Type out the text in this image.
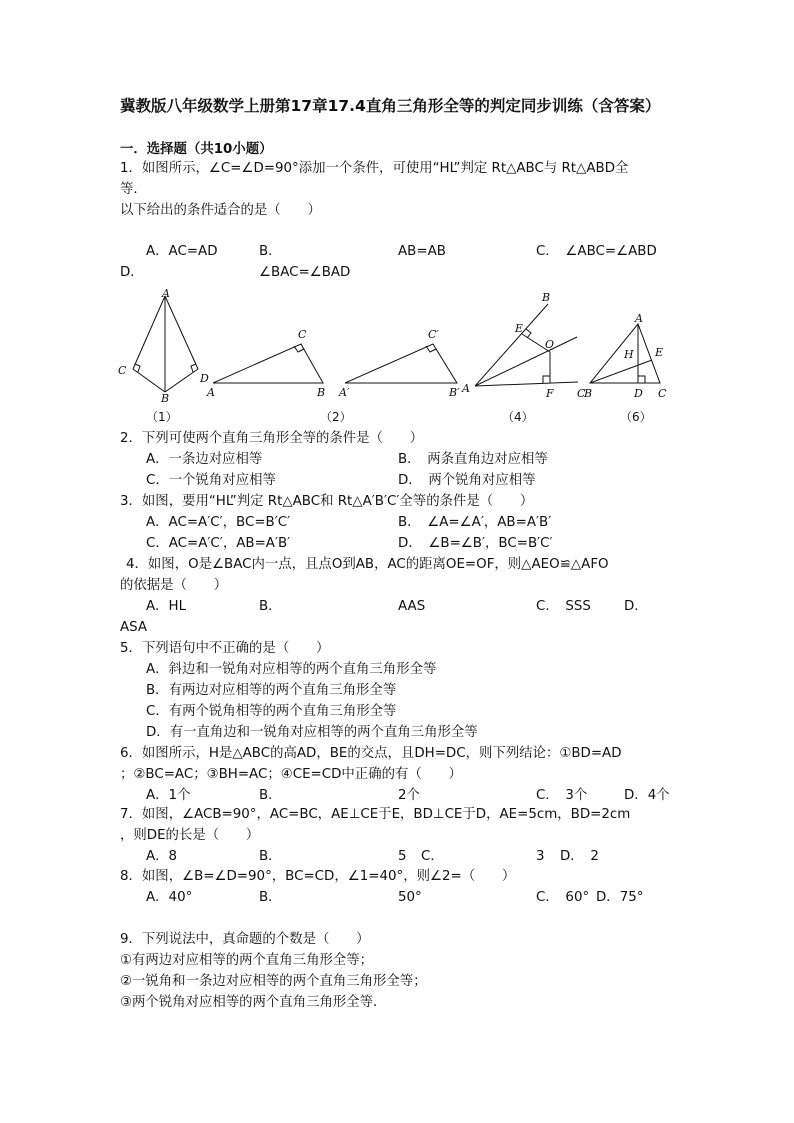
冀教版八年级数学上册第17章17.4直角三角形全等的判定同步训练（含答案）
一．选择题（共10小题）
1．如图所示，∠C=∠D=90°添加一个条件，可使用“HL”判定 Rt△ABC与 Rt△ABD全
等．
以下给出的条件适合的是（　　）
A．AC=AD	B．	AB=AB	C．　∠ABC=∠ABD
D．	∠BAC=∠BAD
A
C
B
D
A	B
C
A′	B′
C′
A
B
E
O
F
A
C
B
H E
D C
（1）	（2）	（4）	（6）
2．下列可使两个直角三角形全等的条件是（　　）
A．一条边对应相等	B．　两条直角边对应相等
C．一个锐角对应相等	D．　两个锐角对应相等
3．如图，要用“HL”判定 Rt△ABC和 Rt△A′B′C′全等的条件是（　　）
A．AC=A′C′，BC=B′C′	B．　∠A=∠A′，AB=A′B′
C．AC=A′C′，AB=A′B′	D．　∠B=∠B′，BC=B′C′
4．如图，O是∠BAC内一点，且点O到AB，AC的距离OE=OF，则△AEO≌△AFO
的依据是（　　）
A．HL	B．	AAS	C．　SSS D．
ASA
5．下列语句中不正确的是（　　）
A．斜边和一锐角对应相等的两个直角三角形全等
B．有两边对应相等的两个直角三角形全等
C．有两个锐角相等的两个直角三角形全等
D．有一直角边和一锐角对应相等的两个直角三角形全等
6．如图所示，H是△ABC的高AD，BE的交点，且DH=DC，则下列结论：①BD=AD
；②BC=AC；③BH=AC；④CE=CD中正确的有（　　）
A．1个	B．	2个	C．　3个	D．4个
7．如图，∠ACB=90°，AC=BC，AE⊥CE于E，BD⊥CE于D，AE=5cm，BD=2cm
，则DE的长是（　　）
A．8	B．	5 C．	3 D．　2
8．如图，∠B=∠D=90°，BC=CD，∠1=40°，则∠2=（　　）
A．40°	B．	50°	C．　60° D．75°
9．下列说法中，真命题的个数是（　　）
①有两边对应相等的两个直角三角形全等；
②一锐角和一条边对应相等的两个直角三角形全等；
③两个锐角对应相等的两个直角三角形全等．
